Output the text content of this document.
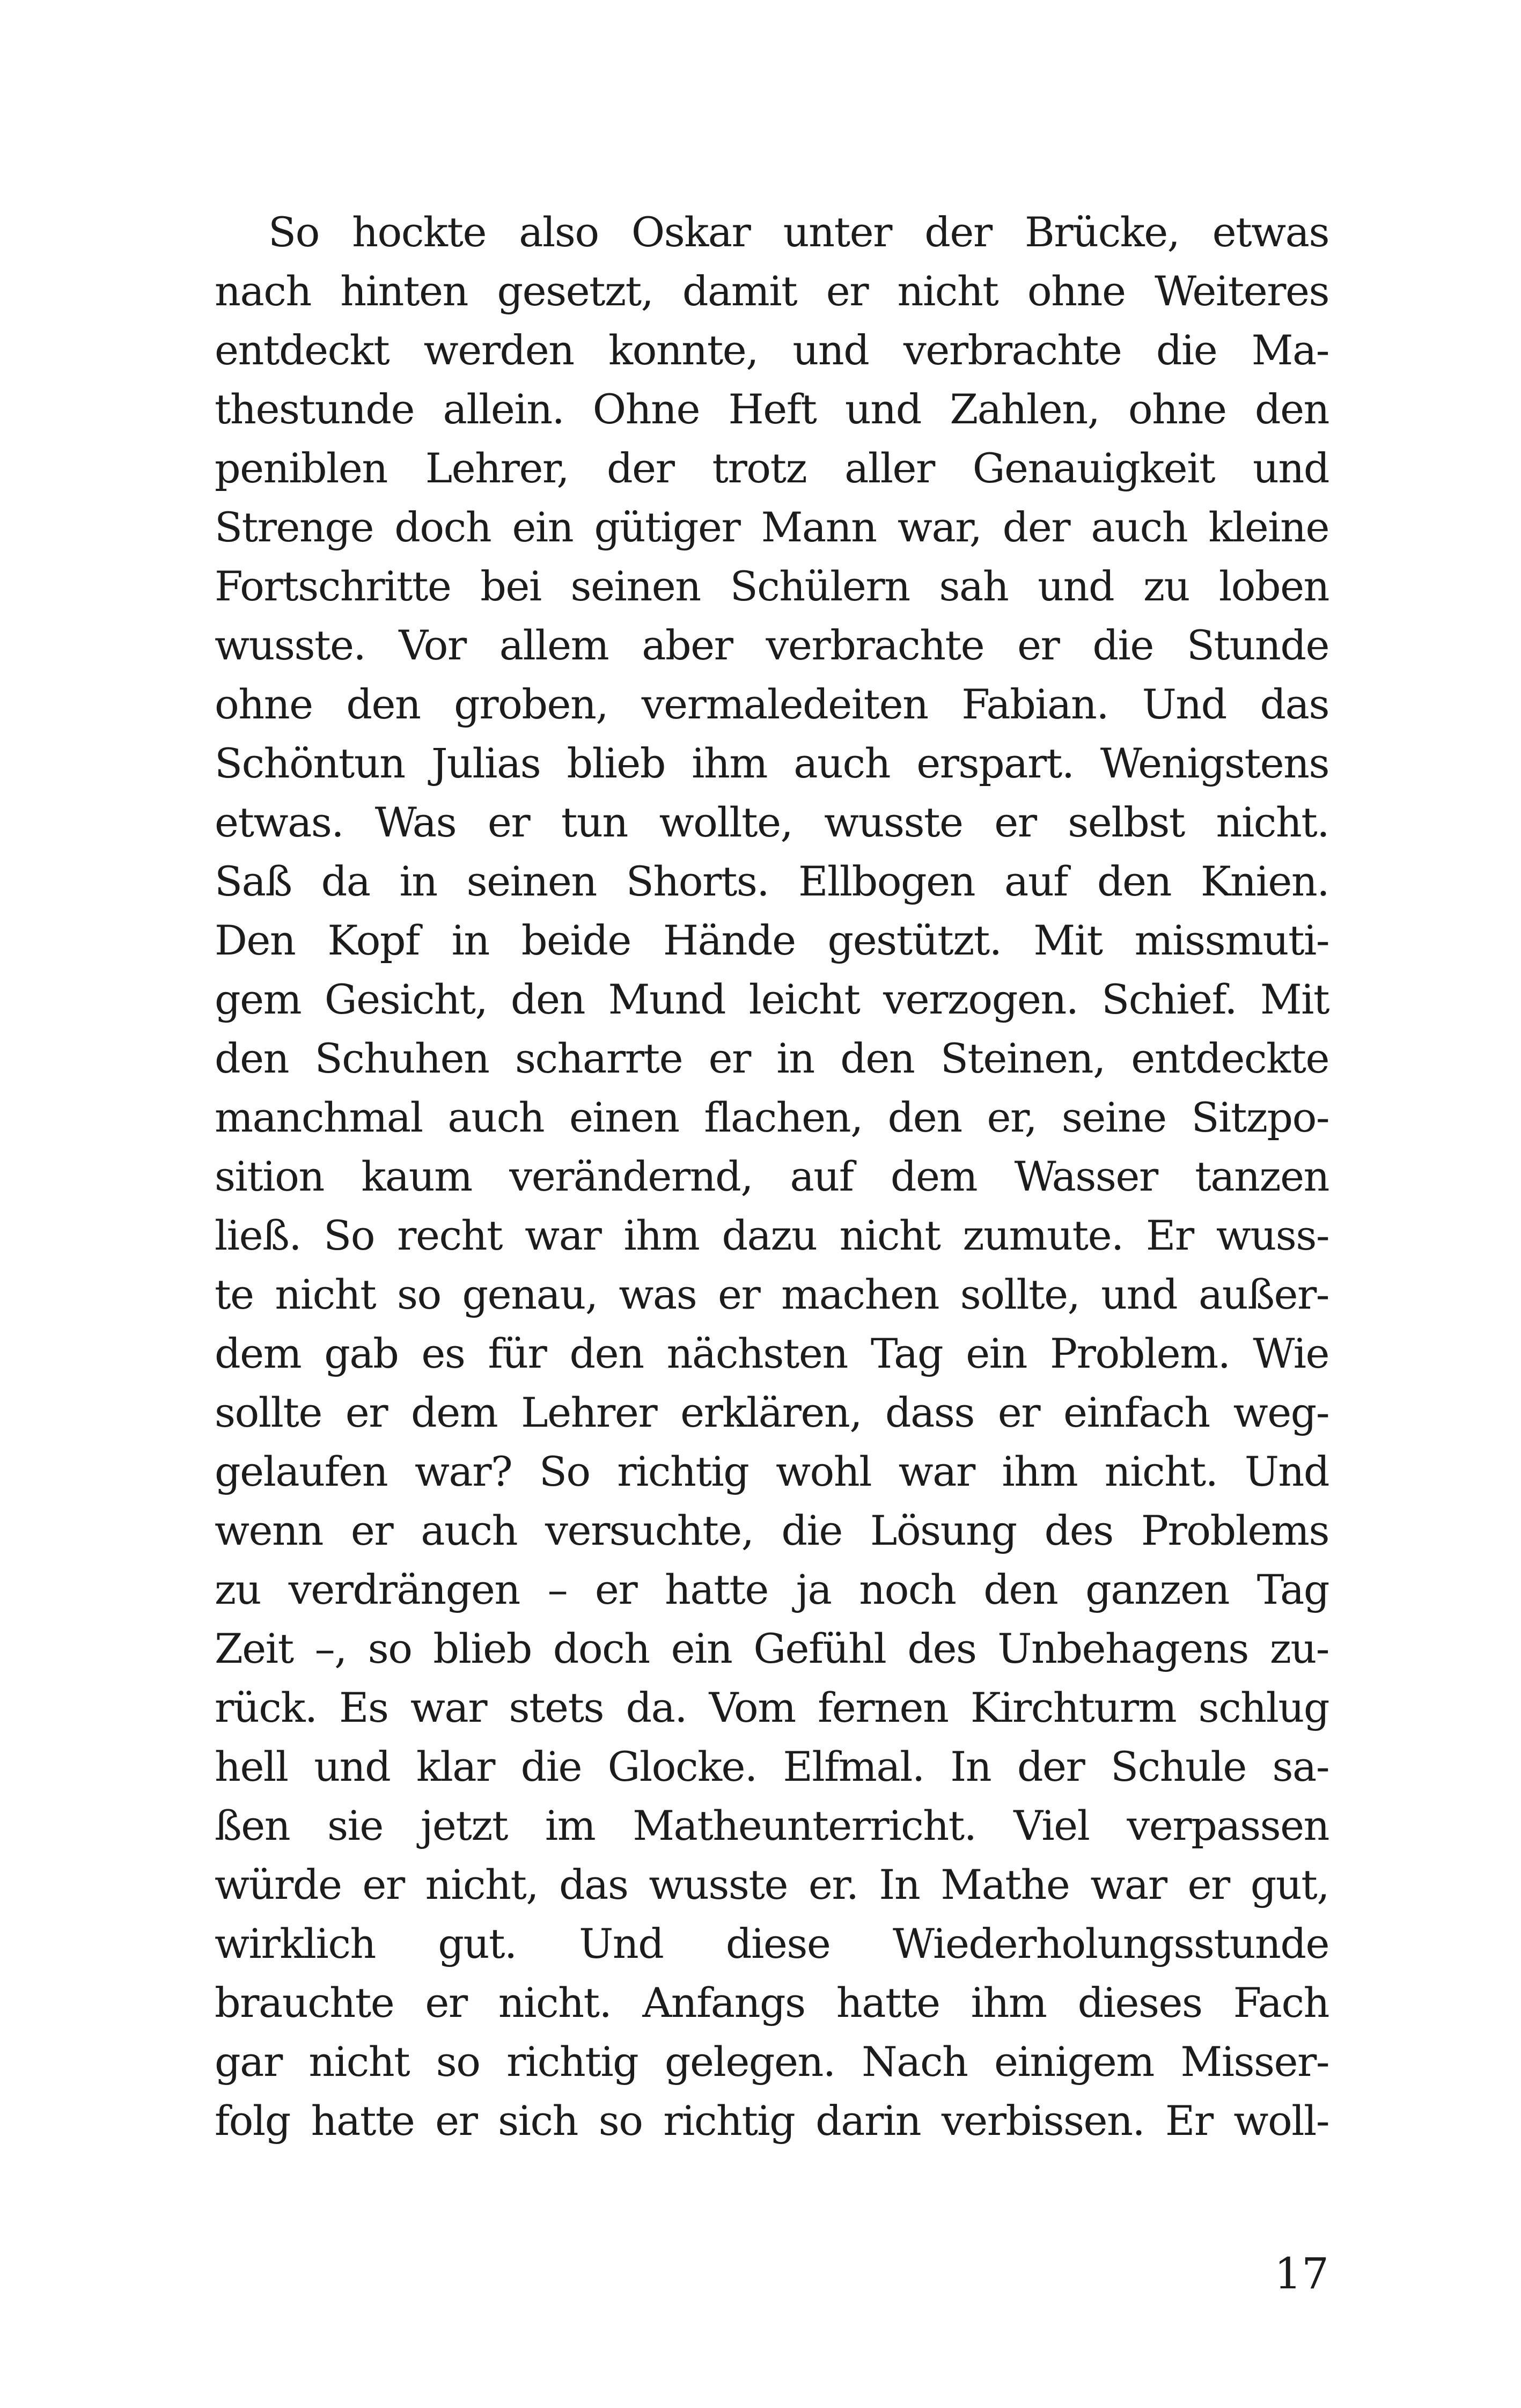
So hockte also Oskar unter der Brücke, etwas
nach hinten gesetzt, damit er nicht ohne Weiteres
entdeckt werden konnte, und verbrachte die Ma-
thestunde allein. Ohne Heft und Zahlen, ohne den
peniblen Lehrer, der trotz aller Genauigkeit und
Strenge doch ein gütiger Mann war, der auch kleine
Fortschritte bei seinen Schülern sah und zu loben
wusste. Vor allem aber verbrachte er die Stunde
ohne den groben, vermaledeiten Fabian. Und das
Schöntun Julias blieb ihm auch erspart. Wenigstens
etwas. Was er tun wollte, wusste er selbst nicht.
Saß da in seinen Shorts. Ellbogen auf den Knien.
Den Kopf in beide Hände gestützt. Mit missmuti-
gem Gesicht, den Mund leicht verzogen. Schief. Mit
den Schuhen scharrte er in den Steinen, entdeckte
manchmal auch einen flachen, den er, seine Sitzpo-
sition kaum verändernd, auf dem Wasser tanzen
ließ. So recht war ihm dazu nicht zumute. Er wuss-
te nicht so genau, was er machen sollte, und außer-
dem gab es für den nächsten Tag ein Problem. Wie
sollte er dem Lehrer erklären, dass er einfach weg-
gelaufen war? So richtig wohl war ihm nicht. Und
wenn er auch versuchte, die Lösung des Problems
zu verdrängen – er hatte ja noch den ganzen Tag
Zeit –, so blieb doch ein Gefühl des Unbehagens zu-
rück. Es war stets da. Vom fernen Kirchturm schlug
hell und klar die Glocke. Elfmal. In der Schule sa-
ßen sie jetzt im Matheunterricht. Viel verpassen
würde er nicht, das wusste er. In Mathe war er gut,
wirklich gut. Und diese Wiederholungsstunde
brauchte er nicht. Anfangs hatte ihm dieses Fach
gar nicht so richtig gelegen. Nach einigem Misser-
folg hatte er sich so richtig darin verbissen. Er woll-
17
